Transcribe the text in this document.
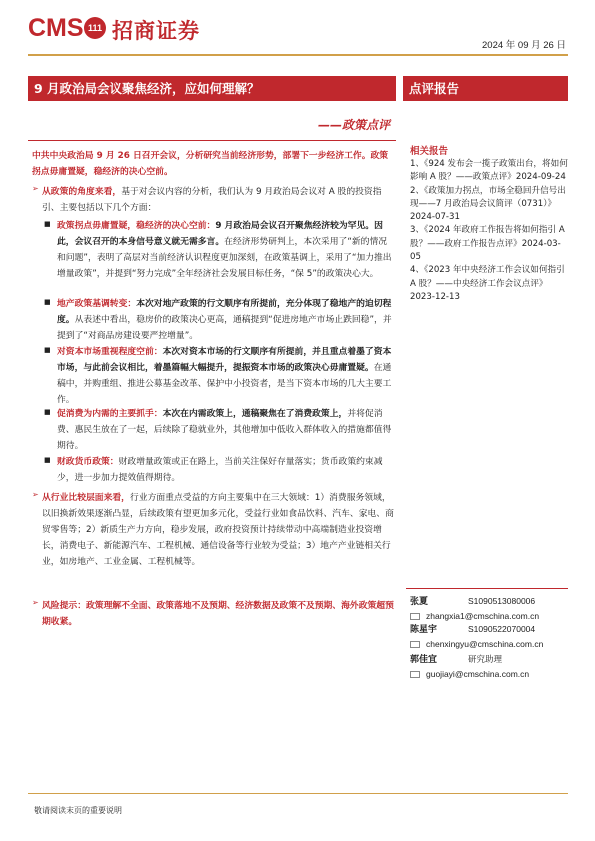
CMS 111 招商证券
2024 年 09 月 26 日
9 月政治局会议聚焦经济，应如何理解？
——政策点评
点评报告
中共中央政治局 9 月 26 日召开会议，分析研究当前经济形势，部署下一步经济工作。政策拐点毋庸置疑，稳经济的决心空前。
➢ 从政策的角度来看，基于对会议内容的分析，我们认为 9 月政治局会议对 A 股的投资指引、主要包括以下几个方面：
■ 政策拐点毋庸置疑，稳经济的决心空前：9 月政治局会议召开聚焦经济较为罕见。因此，会议召开的本身信号意义就无需多言。在经济形势研判上，本次采用了“新的情况和问题”，表明了高层对当前经济认识程度更加深刻，在政策基调上，采用了“加力推出增量政策”，并提到“努力完成”全年经济社会发展目标任务，“保 5”的政策决心大。
■ 地产政策基调转变：本次对地产政策的行文顺序有所提前，充分体现了稳地产的迫切程度。从表述中看出，稳房价的政策决心更高，通稿提到“促进房地产市场止跌回稳”，并提到了“对商品房建设要严控增量”。
■ 对资本市场重视程度空前：本次对资本市场的行文顺序有所提前，并且重点着墨了资本市场，与此前会议相比，着墨篇幅大幅提升，提振资本市场的政策决心毋庸置疑。在通稿中，并购重组、推进公募基金改革、保护中小投资者，是当下资本市场的几大主要工作。
■ 促消费为内需的主要抓手：本次在内需政策上，通稿聚焦在了消费政策上，并将促消费、惠民生放在了一起，后续除了稳就业外，其他增加中低收入群体收入的措施都值得期待。
■ 财政货币政策：财政增量政策或正在路上，当前关注保好存量落实；货币政策约束减少，进一步加力提效值得期待。
➢ 从行业比较层面来看，行业方面重点受益的方向主要集中在三大领域：1）消费服务领域，以旧换新效果逐渐凸显，后续政策有望更加多元化，受益行业如食品饮料、汽车、家电、商贸零售等；2）新质生产力方向，稳步发展，政府投资预计持续带动中高端制造业投资增长，消费电子、新能源汽车、工程机械、通信设备等行业较为受益；3）地产产业链相关行业，如房地产、工业金属、工程机械等。
➢ 风险提示：政策理解不全面、政策落地不及预期、经济数据及政策不及预期、海外政策超预期收紧。
相关报告
1、《924 发布会一揽子政策出台，将如何影响 A 股？——政策点评》2024-09-24
2、《政策加力拐点，市场全稳回升信号出现——7 月政治局会议简评（0731）》2024-07-31
3、《2024 年政府工作报告将如何指引 A 股？——政府工作报告点评》2024-03-05
4、《2023 年中央经济工作会议如何指引 A 股？——中央经济工作会议点评》2023-12-13
张夏	S1090513080006
zhangxia1@cmschina.com.cn
陈星宇	S1090522070004
chenxingyu@cmschina.com.cn
郭佳宜	研究助理
guojiayi@cmschina.com.cn
敬请阅读末页的重要说明
